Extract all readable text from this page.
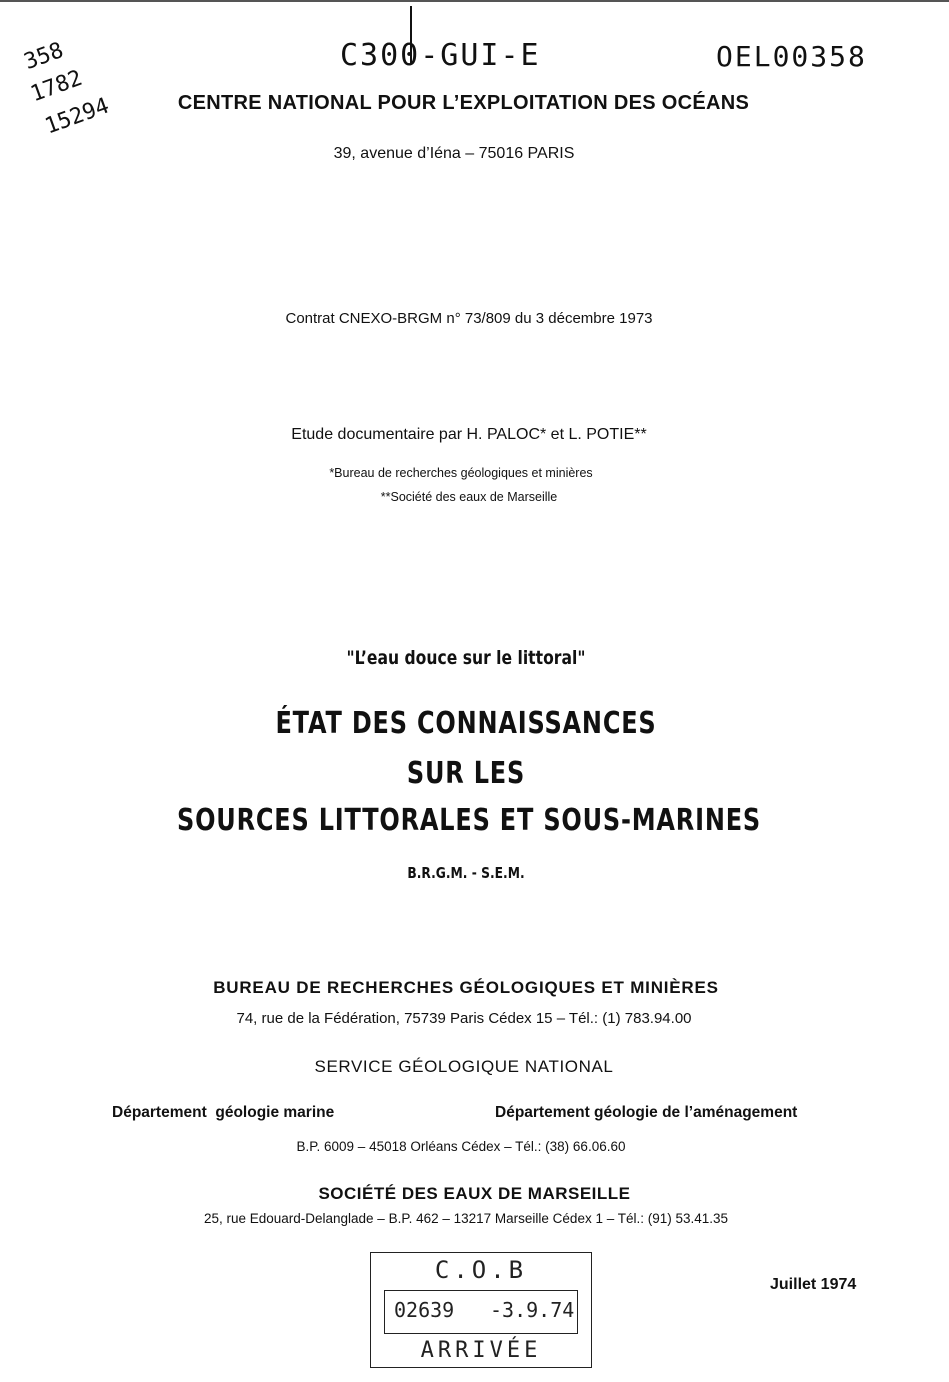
C300-GUI-E	OEL00358
358
1782
15294	CENTRE NATIONAL POUR L’EXPLOITATION DES OCÉANS
39, avenue d’Iéna – 75016 PARIS
Contrat CNEXO-BRGM n° 73/809 du 3 décembre 1973
Etude documentaire par H. PALOC* et L. POTIE**
*Bureau de recherches géologiques et minières
**Société des eaux de Marseille
"L’eau douce sur le littoral"
ÉTAT DES CONNAISSANCES
SUR LES
SOURCES LITTORALES ET SOUS-MARINES
B.R.G.M. - S.E.M.
BUREAU DE RECHERCHES GÉOLOGIQUES ET MINIÈRES
74, rue de la Fédération, 75739 Paris Cédex 15 – Tél.: (1) 783.94.00
SERVICE GÉOLOGIQUE NATIONAL
Département  géologie marine	Département géologie de l’aménagement
B.P. 6009 – 45018 Orléans Cédex – Tél.: (38) 66.06.60
SOCIÉTÉ DES EAUX DE MARSEILLE
25, rue Edouard-Delanglade – B.P. 462 – 13217 Marseille Cédex 1 – Tél.: (91) 53.41.35
C.O.B
02639 -3.9.74
ARRIVÉE
Juillet 1974
